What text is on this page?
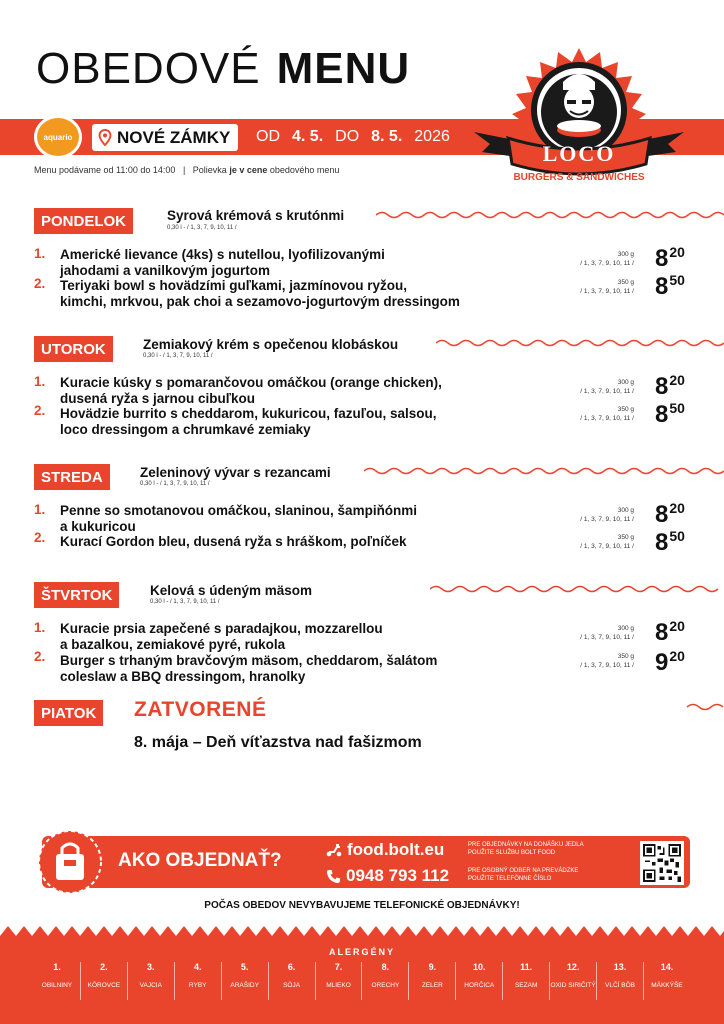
OBEDOVÉ MENU
aquario	NOVÉ ZÁMKY OD 4. 5. DO 8. 5. 2026
Menu podávame od 11:00 do 14:00   |   Polievka je v cene obedového menu
LOCO
BURGERS & SANDWICHES
PONDELOK	Syrová krémová s krutónmi
0,30 l - / 1, 3, 7, 9, 10, 11 /
1. Americké lievance (4ks) s nutellou, lyofilizovanými
jahodami a vanilkovým jogurtom
300 g
/ 1, 3, 7, 9, 10, $11 / 8^{20}$
2. Teriyaki bowl s hovädzími guľkami, jazmínovou ryžou,
kimchi, mrkvou, pak choi a sezamovo-jogurtovým dressingom
350 g
/ 1, 3, 7, 9, 10, $11 / 8^{50}$
UTOROK	Zemiakový krém s opečenou klobáskou
0,30 l - / 1, 3, 7, 9, 10, 11 /
1. Kuracie kúsky s pomarančovou omáčkou (orange chicken),
dusená ryža s jarnou cibuľkou
300 g
/ 1, 3, 7, 9, 10, $11 / 8^{20}$
2. Hovädzie burrito s cheddarom, kukuricou, fazuľou, salsou,
loco dressingom a chrumkavé zemiaky
350 g
/ 1, 3, 7, 9, 10, $11 / 8^{50}$
STREDA	Zeleninový vývar s rezancami
0,30 l - / 1, 3, 7, 9, 10, 11 /
1. Penne so smotanovou omáčkou, slaninou, šampiňónmi
a kukuricou
300 g
/ 1, 3, 7, 9, 10, $11 / 8^{20}$
2. Kurací Gordon bleu, dusená ryža s hráškom, poľníček	350 g
/ 1, 3, 7, 9, 10, $11 / 8^{50}$
ŠTVRTOK	Kelová s údeným mäsom
0,30 l - / 1, 3, 7, 9, 10, 11 /
1. Kuracie prsia zapečené s paradajkou, mozzarellou
a bazalkou, zemiakové pyré, rukola
300 g
/ 1, 3, 7, 9, 10, $11 / 8^{20}$
2. Burger s trhaným bravčovým mäsom, cheddarom, šalátom
coleslaw a BBQ dressingom, hranolky
350 g
/ 1, 3, 7, 9, 10, $11 / 9^{20}$
PIATOK	ZATVORENÉ
8. mája – Deň víťazstva nad fašizmom
AKO OBJEDNAŤ?
food.bolt.eu	PRE OBJEDNÁVKY NA DONÁŠKU JEDLA
POUŽITE SLUŽBU BOLT FOOD
0948 793 112	PRE OSOBNÝ ODBER NA PREVÁDZKE
POUŽITE TELEFÓNNE ČÍSLO
POČAS OBEDOV NEVYBAVUJEME TELEFONICKÉ OBJEDNÁVKY!
ALERGÉNY
1.
OBILNINY
2.
KÔROVCE
3.
VAJCIA
4.
RYBY
5.
ARAŠIDY
6.
SÓJA
7.
MLIEKO
8.
ORECHY
9.
ZELER
10.
HORČICA
11.
SEZAM
12.
OXID SIRIČITÝ
13.
VLČÍ BÔB
14.
MÄKKÝŠE
